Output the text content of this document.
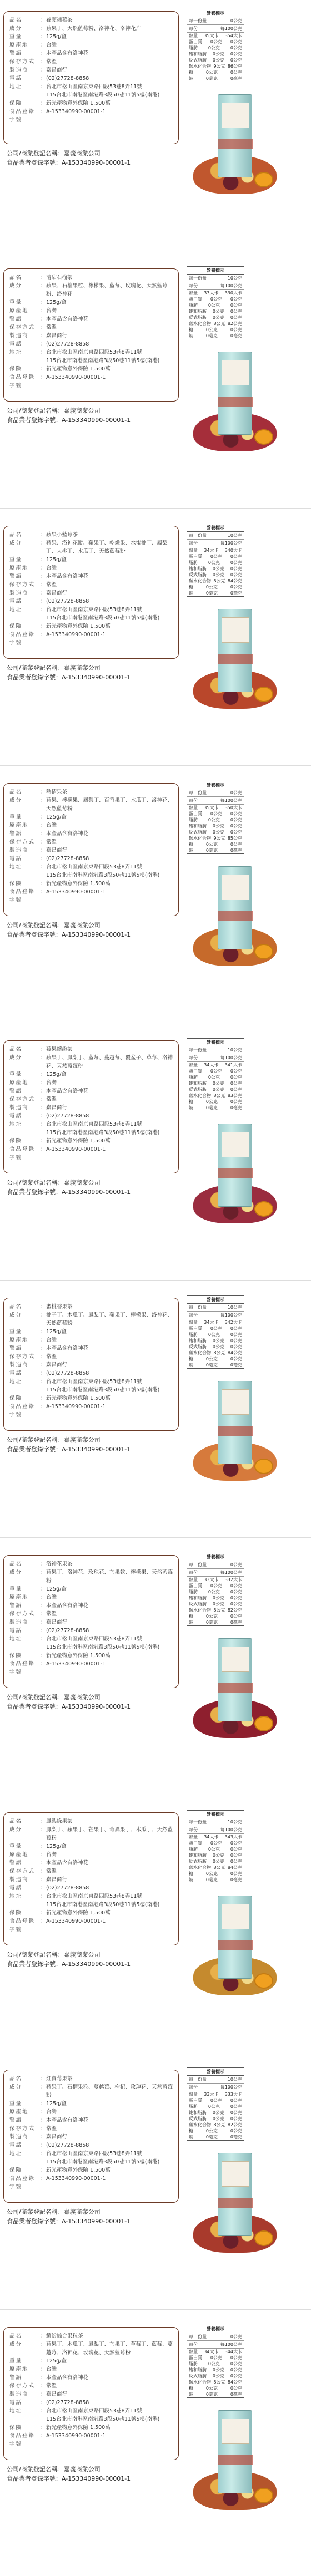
品名	： 養顏補莓茶
成分	： 蘋果丁、天然藍莓粉、洛神花、洛神花片
重量	： 125g/盒
原產地	： 台灣
警語	： 本產品含有洛神花
保存方式	： 常溫
製造商	： 嘉昌商行
電話	： (02)27728-8858
地址	： 台北市松山區南京東路四段53巷8弄11號
115台北市南港區南港路3段50巷11號5樓(南港)
保險	： 新光產物意外保險 1,500萬
食品登錄字號
： A-153340990-00001-1
公司/商業登記名稱：嘉義商業公司
食品業者登錄字號：A-153340990-00001-1
營養標示
每一份量	10公克
每份	每100公克
熱量 35大卡 354大卡
蛋白質 0公克 0公克
脂肪 0公克 0公克
飽和脂肪 0公克 0公克
反式脂肪 0公克 0公克
碳水化合物 9公克 86公克
糖	0公克	0公克
鈉	0毫克	0毫克
品名	： 清甜石榴茶
成分	： 蘋果、石榴果粒、檸檬果、藍莓、玫瑰花、天然藍莓粉、洛神花
重量	： 125g/盒
原產地	： 台灣
警語	： 本產品含有洛神花
保存方式	： 常溫
製造商	： 嘉昌商行
電話	： (02)27728-8858
地址	： 台北市松山區南京東路四段53巷8弄11號
115台北市南港區南港路3段50巷11號5樓(南港)
保險	： 新光產物意外保險 1,500萬
食品登錄字號
： A-153340990-00001-1
公司/商業登記名稱：嘉義商業公司
食品業者登錄字號：A-153340990-00001-1
營養標示
每一份量	10公克
每份	每100公克
熱量 33大卡 330大卡
蛋白質 0公克 0公克
脂肪 0公克 0公克
飽和脂肪 0公克 0公克
反式脂肪 0公克 0公克
碳水化合物 8公克 82公克
糖	0公克	0公克
鈉	0毫克	0毫克
品名	： 蘋果小藍莓茶
成分	： 蘋果、洛神花瓣、蘋果丁、乾燥果、水蜜桃丁、鳳梨丁、大桃丁、木瓜丁、天然藍莓粉
重量	： 125g/盒
原產地	： 台灣
警語	： 本產品含有洛神花
保存方式	： 常溫
製造商	： 嘉昌商行
電話	： (02)27728-8858
地址	： 台北市松山區南京東路四段53巷8弄11號
115台北市南港區南港路3段50巷11號5樓(南港)
保險	： 新光產物意外保險 1,500萬
食品登錄字號
： A-153340990-00001-1
公司/商業登記名稱：嘉義商業公司
食品業者登錄字號：A-153340990-00001-1
營養標示
每一份量	10公克
每份	每100公克
熱量 34大卡 340大卡
蛋白質 0公克 0公克
脂肪 0公克 0公克
飽和脂肪 0公克 0公克
反式脂肪 0公克 0公克
碳水化合物 8公克 84公克
糖	0公克	0公克
鈉	0毫克	0毫克
品名	： 熱情果茶
成分	： 蘋果、檸檬果、鳳梨丁、百香果丁、木瓜丁、洛神花、天然藍莓粉
重量	： 125g/盒
原產地	： 台灣
警語	： 本產品含有洛神花
保存方式	： 常溫
製造商	： 嘉昌商行
電話	： (02)27728-8858
地址	： 台北市松山區南京東路四段53巷8弄11號
115台北市南港區南港路3段50巷11號5樓(南港)
保險	： 新光產物意外保險 1,500萬
食品登錄字號
： A-153340990-00001-1
公司/商業登記名稱：嘉義商業公司
食品業者登錄字號：A-153340990-00001-1
營養標示
每一份量	10公克
每份	每100公克
熱量 35大卡 350大卡
蛋白質 0公克 0公克
脂肪 0公克 0公克
飽和脂肪 0公克 0公克
反式脂肪 0公克 0公克
碳水化合物 9公克 85公克
糖	0公克	0公克
鈉	0毫克	0毫克
品名	： 莓果繽紛茶
成分	： 蘋果丁、鳳梨丁、藍莓、蔓越莓、覆盆子、草莓、洛神花、天然藍莓粉
重量	： 125g/盒
原產地	： 台灣
警語	： 本產品含有洛神花
保存方式	： 常溫
製造商	： 嘉昌商行
電話	： (02)27728-8858
地址	： 台北市松山區南京東路四段53巷8弄11號
115台北市南港區南港路3段50巷11號5樓(南港)
保險	： 新光產物意外保險 1,500萬
食品登錄字號
： A-153340990-00001-1
公司/商業登記名稱：嘉義商業公司
食品業者登錄字號：A-153340990-00001-1
營養標示
每一份量	10公克
每份	每100公克
熱量 34大卡 341大卡
蛋白質 0公克 0公克
脂肪 0公克 0公克
飽和脂肪 0公克 0公克
反式脂肪 0公克 0公克
碳水化合物 8公克 83公克
糖	0公克	0公克
鈉	0毫克	0毫克
品名	： 蜜桃香果茶
成分	： 桃子丁、木瓜丁、鳳梨丁、蘋果丁、檸檬果、洛神花、天然藍莓粉
重量	： 125g/盒
原產地	： 台灣
警語	： 本產品含有洛神花
保存方式	： 常溫
製造商	： 嘉昌商行
電話	： (02)27728-8858
地址	： 台北市松山區南京東路四段53巷8弄11號
115台北市南港區南港路3段50巷11號5樓(南港)
保險	： 新光產物意外保險 1,500萬
食品登錄字號
： A-153340990-00001-1
公司/商業登記名稱：嘉義商業公司
食品業者登錄字號：A-153340990-00001-1
營養標示
每一份量	10公克
每份	每100公克
熱量 34大卡 342大卡
蛋白質 0公克 0公克
脂肪 0公克 0公克
飽和脂肪 0公克 0公克
反式脂肪 0公克 0公克
碳水化合物 8公克 84公克
糖	0公克	0公克
鈉	0毫克	0毫克
品名	： 洛神花果茶
成分	： 蘋果丁、洛神花、玫瑰花、芒果乾、檸檬果、天然藍莓粉
重量	： 125g/盒
原產地	： 台灣
警語	： 本產品含有洛神花
保存方式	： 常溫
製造商	： 嘉昌商行
電話	： (02)27728-8858
地址	： 台北市松山區南京東路四段53巷8弄11號
115台北市南港區南港路3段50巷11號5樓(南港)
保險	： 新光產物意外保險 1,500萬
食品登錄字號
： A-153340990-00001-1
公司/商業登記名稱：嘉義商業公司
食品業者登錄字號：A-153340990-00001-1
營養標示
每一份量	10公克
每份	每100公克
熱量 33大卡 332大卡
蛋白質 0公克 0公克
脂肪 0公克 0公克
飽和脂肪 0公克 0公克
反式脂肪 0公克 0公克
碳水化合物 8公克 82公克
糖	0公克	0公克
鈉	0毫克	0毫克
品名	： 鳳梨綠果茶
成分	： 鳳梨丁、蘋果丁、芒果丁、奇異果丁、木瓜丁、天然藍莓粉
重量	： 125g/盒
原產地	： 台灣
警語	： 本產品含有洛神花
保存方式	： 常溫
製造商	： 嘉昌商行
電話	： (02)27728-8858
地址	： 台北市松山區南京東路四段53巷8弄11號
115台北市南港區南港路3段50巷11號5樓(南港)
保險	： 新光產物意外保險 1,500萬
食品登錄字號
： A-153340990-00001-1
公司/商業登記名稱：嘉義商業公司
食品業者登錄字號：A-153340990-00001-1
營養標示
每一份量	10公克
每份	每100公克
熱量 34大卡 343大卡
蛋白質 0公克 0公克
脂肪 0公克 0公克
飽和脂肪 0公克 0公克
反式脂肪 0公克 0公克
碳水化合物 8公克 84公克
糖	0公克	0公克
鈉	0毫克	0毫克
品名	： 紅寶莓果茶
成分	： 蘋果丁、石榴果粒、蔓越莓、枸杞、玫瑰花、天然藍莓粉
重量	： 125g/盒
原產地	： 台灣
警語	： 本產品含有洛神花
保存方式	： 常溫
製造商	： 嘉昌商行
電話	： (02)27728-8858
地址	： 台北市松山區南京東路四段53巷8弄11號
115台北市南港區南港路3段50巷11號5樓(南港)
保險	： 新光產物意外保險 1,500萬
食品登錄字號
： A-153340990-00001-1
公司/商業登記名稱：嘉義商業公司
食品業者登錄字號：A-153340990-00001-1
營養標示
每一份量	10公克
每份	每100公克
熱量 33大卡 333大卡
蛋白質 0公克 0公克
脂肪 0公克 0公克
飽和脂肪 0公克 0公克
反式脂肪 0公克 0公克
碳水化合物 8公克 82公克
糖	0公克	0公克
鈉	0毫克	0毫克
品名	： 繽紛綜合果粒茶
成分	： 蘋果丁、木瓜丁、鳳梨丁、芒果丁、草莓丁、藍莓、蔓越莓、洛神花、玫瑰花、天然藍莓粉
重量	： 125g/盒
原產地	： 台灣
警語	： 本產品含有洛神花
保存方式	： 常溫
製造商	： 嘉昌商行
電話	： (02)27728-8858
地址	： 台北市松山區南京東路四段53巷8弄11號
115台北市南港區南港路3段50巷11號5樓(南港)
保險	： 新光產物意外保險 1,500萬
食品登錄字號
： A-153340990-00001-1
公司/商業登記名稱：嘉義商業公司
食品業者登錄字號：A-153340990-00001-1
營養標示
每一份量	10公克
每份	每100公克
熱量 34大卡 344大卡
蛋白質 0公克 0公克
脂肪 0公克 0公克
飽和脂肪 0公克 0公克
反式脂肪 0公克 0公克
碳水化合物 8公克 84公克
糖	0公克	0公克
鈉	0毫克	0毫克
